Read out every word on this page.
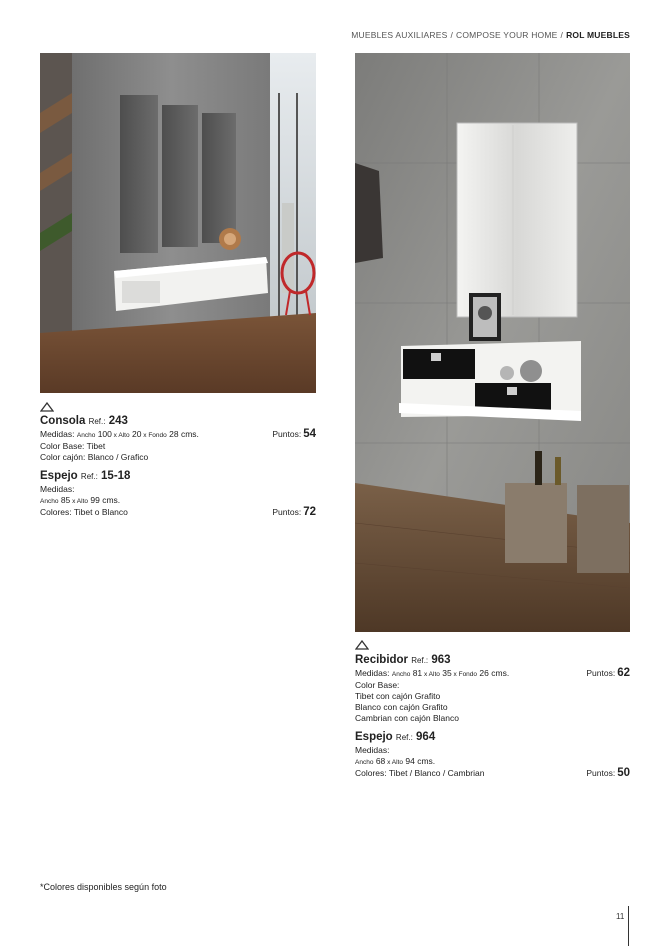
MUEBLES AUXILIARES / COMPOSE YOUR HOME / ROL MUEBLES
Consola Ref.: 243
Medidas: Ancho 100 x Alto 20 x Fondo 28 cms.	Puntos: 54
Color Base: Tibet
Color cajón: Blanco / Grafico
Espejo Ref.: 15-18
Medidas:
Ancho 85 x Alto 99 cms.
Colores: Tibet o Blanco	Puntos: 72
Recibidor Ref.: 963
Medidas: Ancho 81 x Alto 35 x Fondo 26 cms.	Puntos: 62
Color Base:
Tibet con cajón Grafito
Blanco con cajón Grafito
Cambrian con cajón Blanco
Espejo Ref.: 964
Medidas:
Ancho 68 x Alto 94 cms.
Colores: Tibet / Blanco / Cambrian	Puntos: 50
*Colores disponibles según foto
11
